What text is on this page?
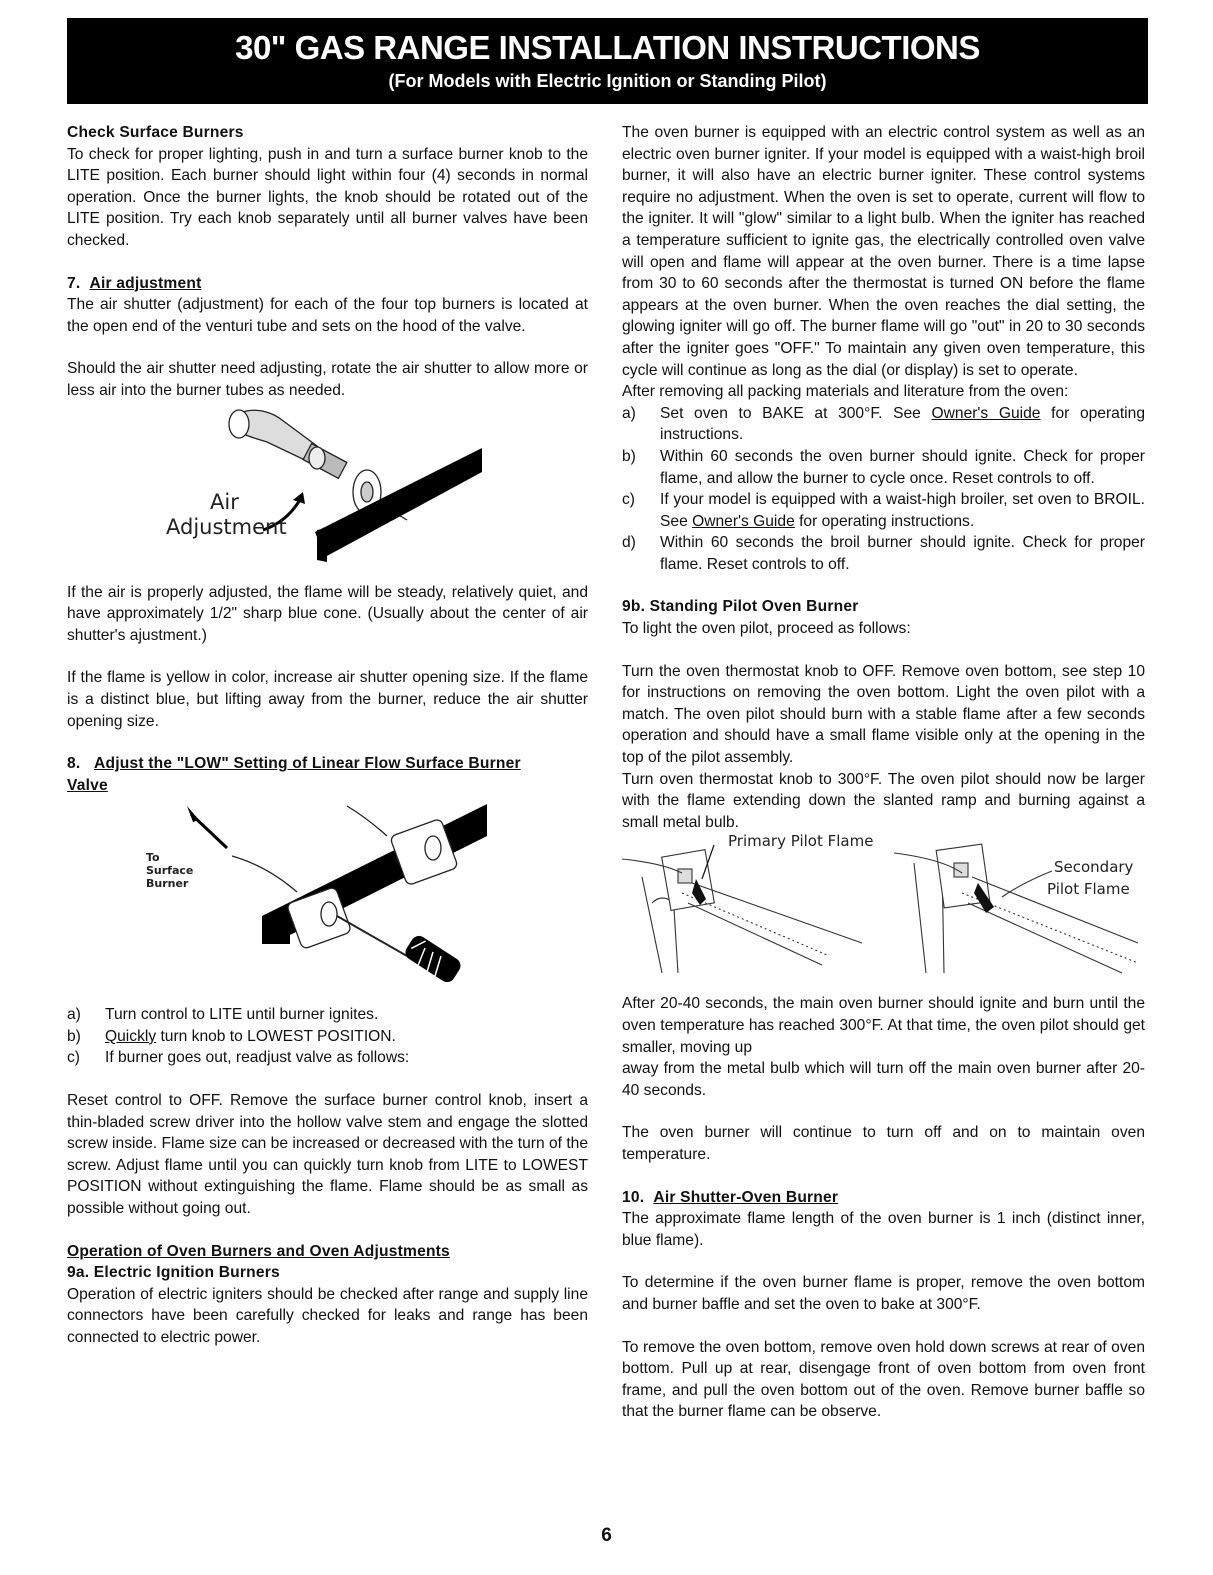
30" GAS RANGE INSTALLATION INSTRUCTIONS
(For Models with Electric Ignition or Standing Pilot)

Check Surface Burners

To check for proper lighting, push in and turn a surface burner knob to the LITE position. Each burner should light within four (4) seconds in normal operation. Once the burner lights, the knob should be rotated out of the LITE position. Try each knob separately until all burner valves have been checked.

7. Air adjustment

The air shutter (adjustment) for each of the four top burners is located at the open end of the venturi tube and sets on the hood of the valve.

Should the air shutter need adjusting, rotate the air shutter to allow more or less air into the burner tubes as needed.

Air
Adjustment

If the air is properly adjusted, the flame will be steady, relatively quiet, and have approximately 1/2" sharp blue cone. (Usually about the center of air shutter's ajustment.)

If the flame is yellow in color, increase air shutter opening size. If the flame is a distinct blue, but lifting away from the burner, reduce the air shutter opening size.

8. Adjust the "LOW" Setting of Linear Flow Surface Burner

Valve

To
Surface
Burner
a)	Turn control to LITE until burner ignites.
b)	Quickly turn knob to LOWEST POSITION.
c)	If burner goes out, readjust valve as follows:

Reset control to OFF. Remove the surface burner control knob, insert a thin-bladed screw driver into the hollow valve stem and engage the slotted screw inside. Flame size can be increased or decreased with the turn of the screw. Adjust flame until you can quickly turn knob from LITE to LOWEST POSITION without extinguishing the flame. Flame should be as small as possible without going out.

Operation of Oven Burners and Oven Adjustments

9a. Electric Ignition Burners

Operation of electric igniters should be checked after range and supply line connectors have been carefully checked for leaks and range has been connected to electric power.

The oven burner is equipped with an electric control system as well as an electric oven burner igniter. If your model is equipped with a waist-high broil burner, it will also have an electric burner igniter. These control systems require no adjustment. When the oven is set to operate, current will flow to the igniter. It will "glow" similar to a light bulb. When the igniter has reached a temperature sufficient to ignite gas, the electrically controlled oven valve will open and flame will appear at the oven burner. There is a time lapse from 30 to 60 seconds after the thermostat is turned ON before the flame appears at the oven burner. When the oven reaches the dial setting, the glowing igniter will go off. The burner flame will go "out" in 20 to 30 seconds after the igniter goes "OFF." To maintain any given oven temperature, this cycle will continue as long as the dial (or display) is set to operate.

After removing all packing materials and literature from the oven:

a)	Set oven to BAKE at 300°F. See Owner's Guide for operating instructions.
b)	Within 60 seconds the oven burner should ignite. Check for proper flame, and allow the burner to cycle once. Reset controls to off.
c)	If your model is equipped with a waist-high broiler, set oven to BROIL. See Owner's Guide for operating instructions.
d)	Within 60 seconds the broil burner should ignite. Check for proper flame. Reset controls to off.

9b. Standing Pilot Oven Burner

To light the oven pilot, proceed as follows:

Turn the oven thermostat knob to OFF. Remove oven bottom, see step 10 for instructions on removing the oven bottom. Light the oven pilot with a match. The oven pilot should burn with a stable flame after a few seconds operation and should have a small flame visible only at the opening in the top of the pilot assembly.

Turn oven thermostat knob to 300°F. The oven pilot should now be larger with the flame extending down the slanted ramp and burning against a small metal bulb.

Primary Pilot Flame
Secondary
Pilot Flame

After 20-40 seconds, the main oven burner should ignite and burn until the oven temperature has reached 300°F. At that time, the oven pilot should get smaller, moving up

away from the metal bulb which will turn off the main oven burner after 20-40 seconds.

The oven burner will continue to turn off and on to maintain oven temperature.

10. Air Shutter-Oven Burner

The approximate flame length of the oven burner is 1 inch (distinct inner, blue flame).

To determine if the oven burner flame is proper, remove the oven bottom and burner baffle and set the oven to bake at 300°F.

To remove the oven bottom, remove oven hold down screws at rear of oven bottom. Pull up at rear, disengage front of oven bottom from oven front frame, and pull the oven bottom out of the oven. Remove burner baffle so that the burner flame can be observe.

6
